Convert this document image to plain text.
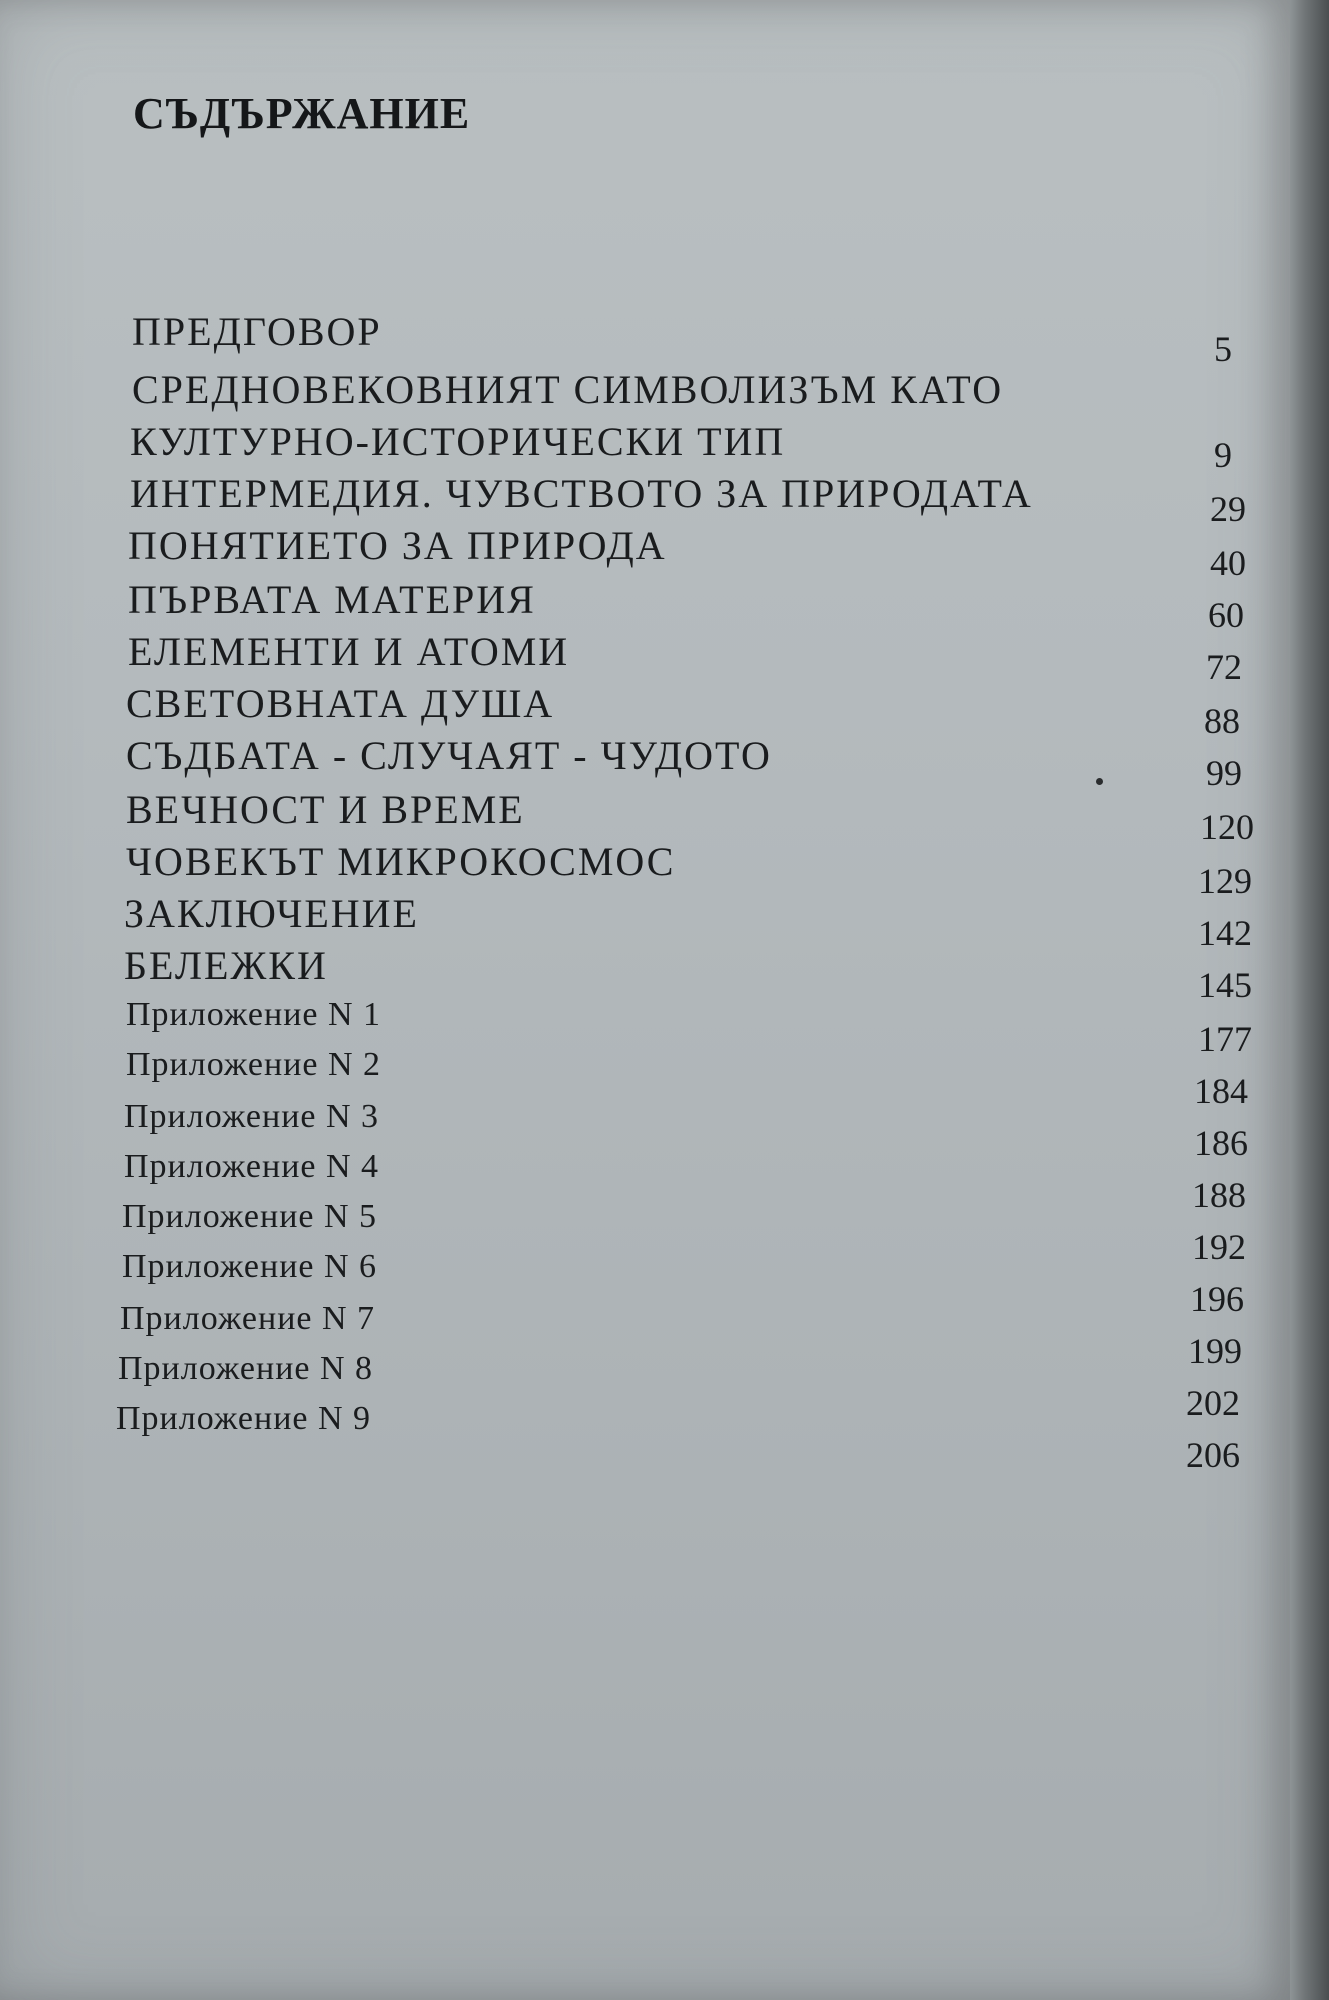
СЪДЪРЖАНИЕ
ПРЕДГОВОР
СРЕДНОВЕКОВНИЯТ СИМВОЛИЗЪМ КАТО
КУЛТУРНО-ИСТОРИЧЕСКИ ТИП
ИНТЕРМЕДИЯ. ЧУВСТВОТО ЗА ПРИРОДАТА
ПОНЯТИЕТО ЗА ПРИРОДА
ПЪРВАТА МАТЕРИЯ
ЕЛЕМЕНТИ И АТОМИ
СВЕТОВНАТА ДУША
СЪДБАТА - СЛУЧАЯТ - ЧУДОТО
ВЕЧНОСТ И ВРЕМЕ
ЧОВЕКЪТ МИКРОКОСМОС
ЗАКЛЮЧЕНИЕ
БЕЛЕЖКИ
Приложение N 1
Приложение N 2
Приложение N 3
Приложение N 4
Приложение N 5
Приложение N 6
Приложение N 7
Приложение N 8
Приложение N 9
5
9
29
40
60
72
88
99
120
129
142
145
177
184
186
188
192
196
199
202
206
